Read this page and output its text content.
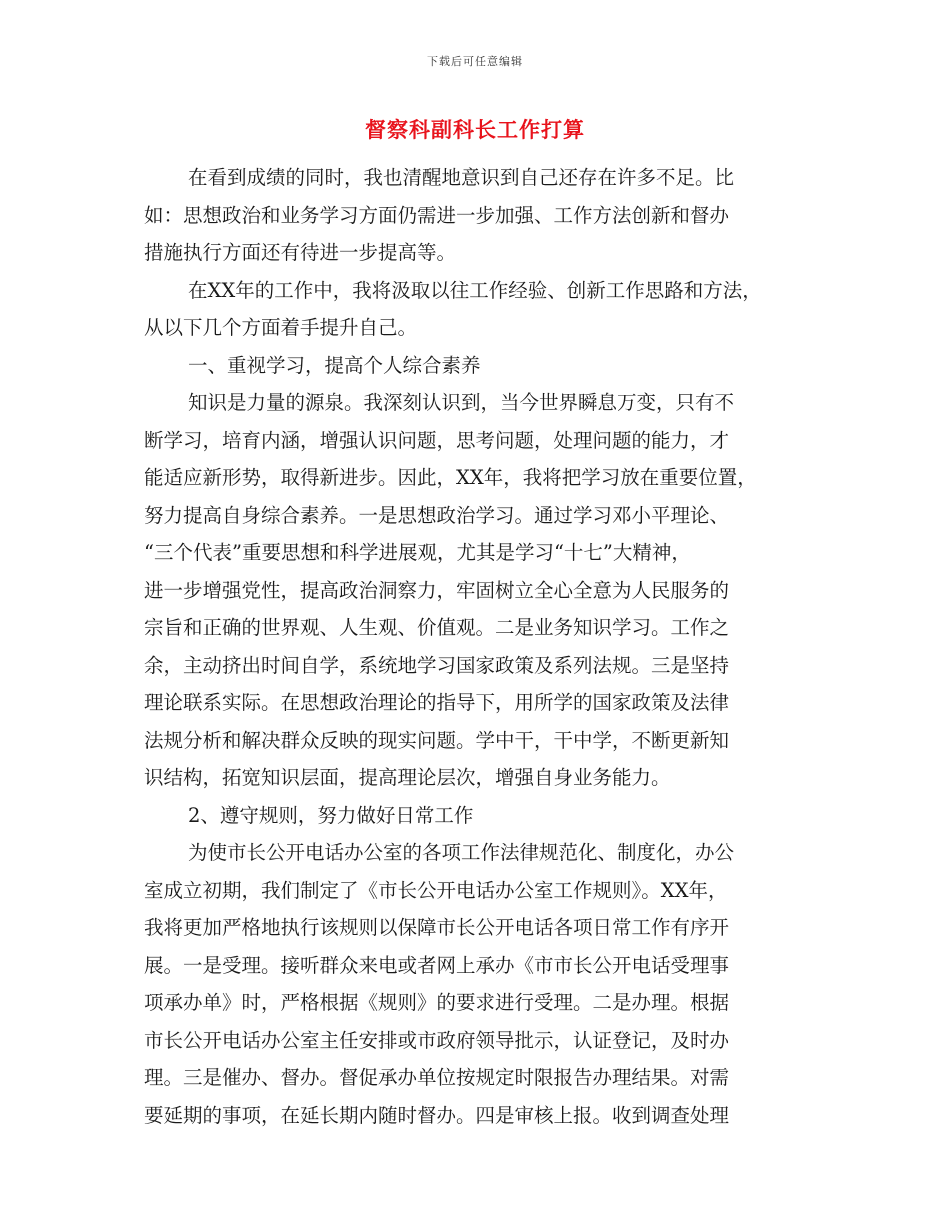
下载后可任意编辑
督察科副科长工作打算
在看到成绩的同时，我也清醒地意识到自己还存在许多不足。比
如：思想政治和业务学习方面仍需进一步加强、工作方法创新和督办
措施执行方面还有待进一步提高等。
在XX年的工作中，我将汲取以往工作经验、创新工作思路和方法，
从以下几个方面着手提升自己。
一、重视学习，提高个人综合素养
知识是力量的源泉。我深刻认识到，当今世界瞬息万变，只有不
断学习，培育内涵，增强认识问题，思考问题，处理问题的能力，才
能适应新形势，取得新进步。因此，XX年，我将把学习放在重要位置，
努力提高自身综合素养。一是思想政治学习。通过学习邓小平理论、
“三个代表”重要思想和科学进展观，尤其是学习“十七”大精神，
进一步增强党性，提高政治洞察力，牢固树立全心全意为人民服务的
宗旨和正确的世界观、人生观、价值观。二是业务知识学习。工作之
余，主动挤出时间自学，系统地学习国家政策及系列法规。三是坚持
理论联系实际。在思想政治理论的指导下，用所学的国家政策及法律
法规分析和解决群众反映的现实问题。学中干，干中学，不断更新知
识结构，拓宽知识层面，提高理论层次，增强自身业务能力。
2、遵守规则，努力做好日常工作
为使市长公开电话办公室的各项工作法律规范化、制度化，办公
室成立初期，我们制定了《市长公开电话办公室工作规则》。XX年，
我将更加严格地执行该规则以保障市长公开电话各项日常工作有序开
展。一是受理。接听群众来电或者网上承办《市市长公开电话受理事
项承办单》时，严格根据《规则》的要求进行受理。二是办理。根据
市长公开电话办公室主任安排或市政府领导批示，认证登记，及时办
理。三是催办、督办。督促承办单位按规定时限报告办理结果。对需
要延期的事项，在延长期内随时督办。四是审核上报。收到调查处理
